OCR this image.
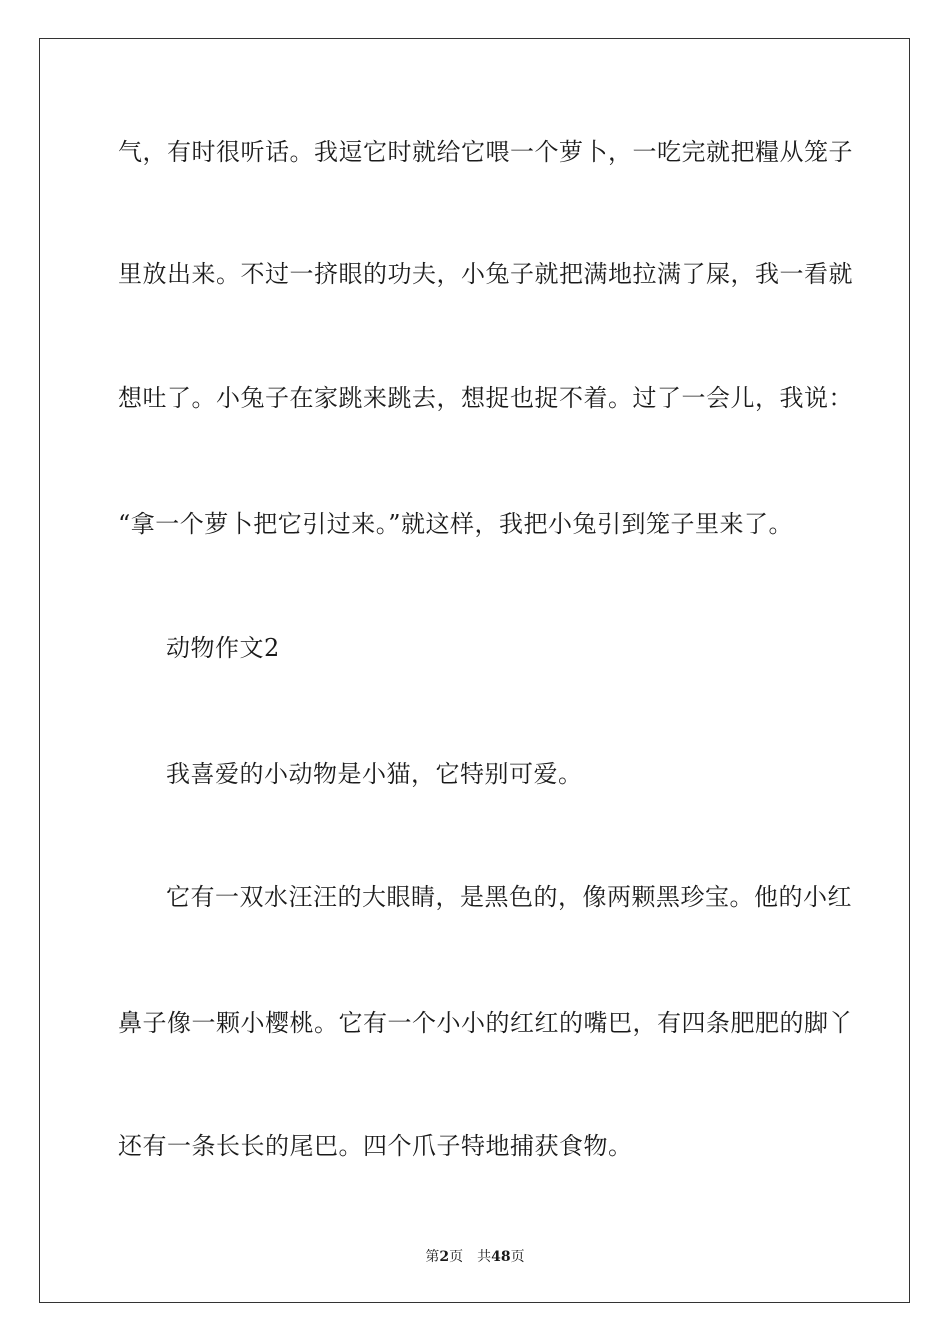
气，有时很听话。我逗它时就给它喂一个萝卜，一吃完就把糧从笼子
里放出来。不过一挤眼的功夫，小兔子就把满地拉满了屎，我一看就
想吐了。小兔子在家跳来跳去，想捉也捉不着。过了一会儿，我说：
“拿一个萝卜把它引过来。”就这样，我把小兔引到笼子里来了。
动物作文2
我喜爱的小动物是小猫，它特别可爱。
它有一双水汪汪的大眼睛，是黑色的，像两颗黑珍宝。他的小红
鼻子像一颗小樱桃。它有一个小小的红红的嘴巴，有四条肥肥的脚丫
还有一条长长的尾巴。四个爪子特地捕获食物。
第2页 共48页
